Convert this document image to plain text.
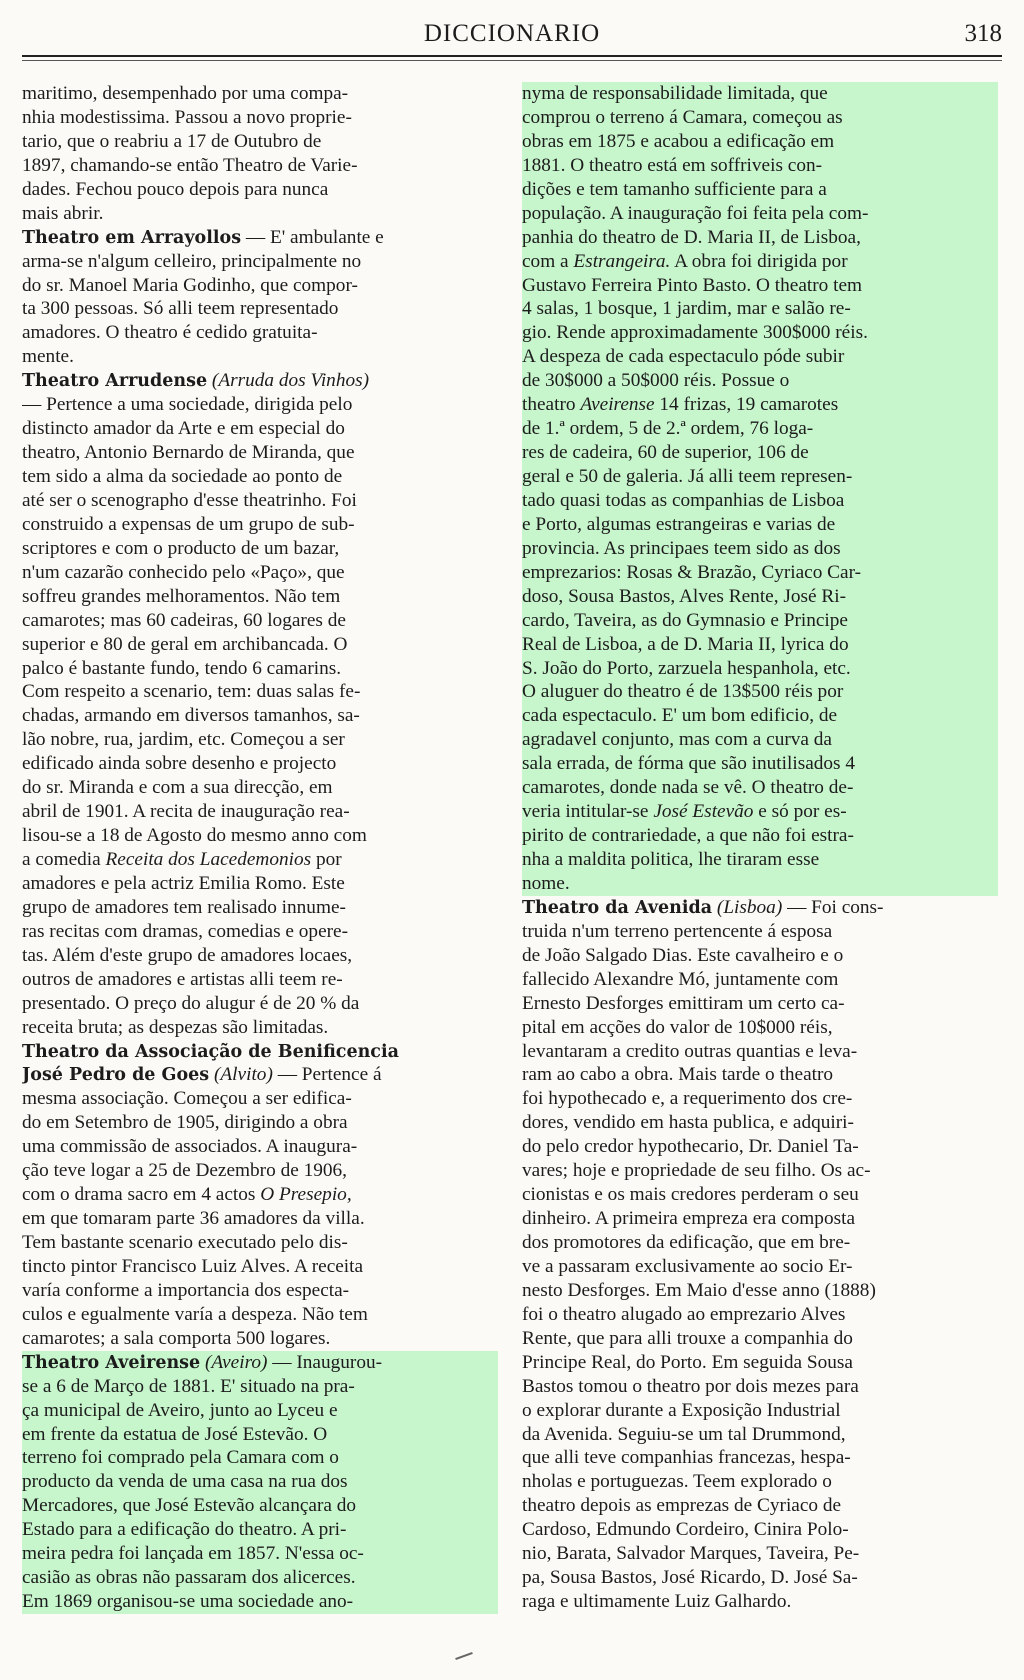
DICCIONARIO	318
maritimo, desempenhado por uma compa-
nhia modestissima. Passou a novo proprie-
tario, que o reabriu a 17 de Outubro de
1897, chamando-se então Theatro de Varie-
dades. Fechou pouco depois para nunca
mais abrir.
Theatro em Arrayollos — E' ambulante e
arma-se n'algum celleiro, principalmente no
do sr. Manoel Maria Godinho, que compor-
ta 300 pessoas. Só alli teem representado
amadores. O theatro é cedido gratuita-
mente.
Theatro Arrudense (Arruda dos Vinhos)
— Pertence a uma sociedade, dirigida pelo
distincto amador da Arte e em especial do
theatro, Antonio Bernardo de Miranda, que
tem sido a alma da sociedade ao ponto de
até ser o scenographo d'esse theatrinho. Foi
construido a expensas de um grupo de sub-
scriptores e com o producto de um bazar,
n'um cazarão conhecido pelo «Paço», que
soffreu grandes melhoramentos. Não tem
camarotes; mas 60 cadeiras, 60 logares de
superior e 80 de geral em archibancada. O
palco é bastante fundo, tendo 6 camarins.
Com respeito a scenario, tem: duas salas fe-
chadas, armando em diversos tamanhos, sa-
lão nobre, rua, jardim, etc. Começou a ser
edificado ainda sobre desenho e projecto
do sr. Miranda e com a sua direcção, em
abril de 1901. A recita de inauguração rea-
lisou-se a 18 de Agosto do mesmo anno com
a comedia Receita dos Lacedemonios por
amadores e pela actriz Emilia Romo. Este
grupo de amadores tem realisado innume-
ras recitas com dramas, comedias e opere-
tas. Além d'este grupo de amadores locaes,
outros de amadores e artistas alli teem re-
presentado. O preço do alugur é de 20 % da
receita bruta; as despezas são limitadas.
Theatro da Associação de Benificencia
José Pedro de Goes (Alvito) — Pertence á
mesma associação. Começou a ser edifica-
do em Setembro de 1905, dirigindo a obra
uma commissão de associados. A inaugura-
ção teve logar a 25 de Dezembro de 1906,
com o drama sacro em 4 actos O Presepio,
em que tomaram parte 36 amadores da villa.
Tem bastante scenario executado pelo dis-
tincto pintor Francisco Luiz Alves. A receita
varía conforme a importancia dos especta-
culos e egualmente varía a despeza. Não tem
camarotes; a sala comporta 500 logares.
Theatro Aveirense (Aveiro) — Inaugurou-
se a 6 de Março de 1881. E' situado na pra-
ça municipal de Aveiro, junto ao Lyceu e
em frente da estatua de José Estevão. O
terreno foi comprado pela Camara com o
producto da venda de uma casa na rua dos
Mercadores, que José Estevão alcançara do
Estado para a edificação do theatro. A pri-
meira pedra foi lançada em 1857. N'essa oc-
casião as obras não passaram dos alicerces.
Em 1869 organisou-se uma sociedade ano-
nyma de responsabilidade limitada, que
comprou o terreno á Camara, começou as
obras em 1875 e acabou a edificação em
1881. O theatro está em soffriveis con-
dições e tem tamanho sufficiente para a
população. A inauguração foi feita pela com-
panhia do theatro de D. Maria II, de Lisboa,
com a Estrangeira. A obra foi dirigida por
Gustavo Ferreira Pinto Basto. O theatro tem
4 salas, 1 bosque, 1 jardim, mar e salão re-
gio. Rende approximadamente 300$000 réis.
A despeza de cada espectaculo póde subir
de 30$000 a 50$000 réis. Possue o
theatro Aveirense 14 frizas, 19 camarotes
de 1.ª ordem, 5 de 2.ª ordem, 76 loga-
res de cadeira, 60 de superior, 106 de
geral e 50 de galeria. Já alli teem represen-
tado quasi todas as companhias de Lisboa
e Porto, algumas estrangeiras e varias de
provincia. As principaes teem sido as dos
emprezarios: Rosas & Brazão, Cyriaco Car-
doso, Sousa Bastos, Alves Rente, José Ri-
cardo, Taveira, as do Gymnasio e Principe
Real de Lisboa, a de D. Maria II, lyrica do
S. João do Porto, zarzuela hespanhola, etc.
O aluguer do theatro é de 13$500 réis por
cada espectaculo. E' um bom edificio, de
agradavel conjunto, mas com a curva da
sala errada, de fórma que são inutilisados 4
camarotes, donde nada se vê. O theatro de-
veria intitular-se José Estevão e só por es-
pirito de contrariedade, a que não foi estra-
nha a maldita politica, lhe tiraram esse
nome.
Theatro da Avenida (Lisboa) — Foi cons-
truida n'um terreno pertencente á esposa
de João Salgado Dias. Este cavalheiro e o
fallecido Alexandre Mó, juntamente com
Ernesto Desforges emittiram um certo ca-
pital em acções do valor de 10$000 réis,
levantaram a credito outras quantias e leva-
ram ao cabo a obra. Mais tarde o theatro
foi hypothecado e, a requerimento dos cre-
dores, vendido em hasta publica, e adquiri-
do pelo credor hypothecario, Dr. Daniel Ta-
vares; hoje e propriedade de seu filho. Os ac-
cionistas e os mais credores perderam o seu
dinheiro. A primeira empreza era composta
dos promotores da edificação, que em bre-
ve a passaram exclusivamente ao socio Er-
nesto Desforges. Em Maio d'esse anno (1888)
foi o theatro alugado ao emprezario Alves
Rente, que para alli trouxe a companhia do
Principe Real, do Porto. Em seguida Sousa
Bastos tomou o theatro por dois mezes para
o explorar durante a Exposição Industrial
da Avenida. Seguiu-se um tal Drummond,
que alli teve companhias francezas, hespa-
nholas e portuguezas. Teem explorado o
theatro depois as emprezas de Cyriaco de
Cardoso, Edmundo Cordeiro, Cinira Polo-
nio, Barata, Salvador Marques, Taveira, Pe-
pa, Sousa Bastos, José Ricardo, D. José Sa-
raga e ultimamente Luiz Galhardo.
